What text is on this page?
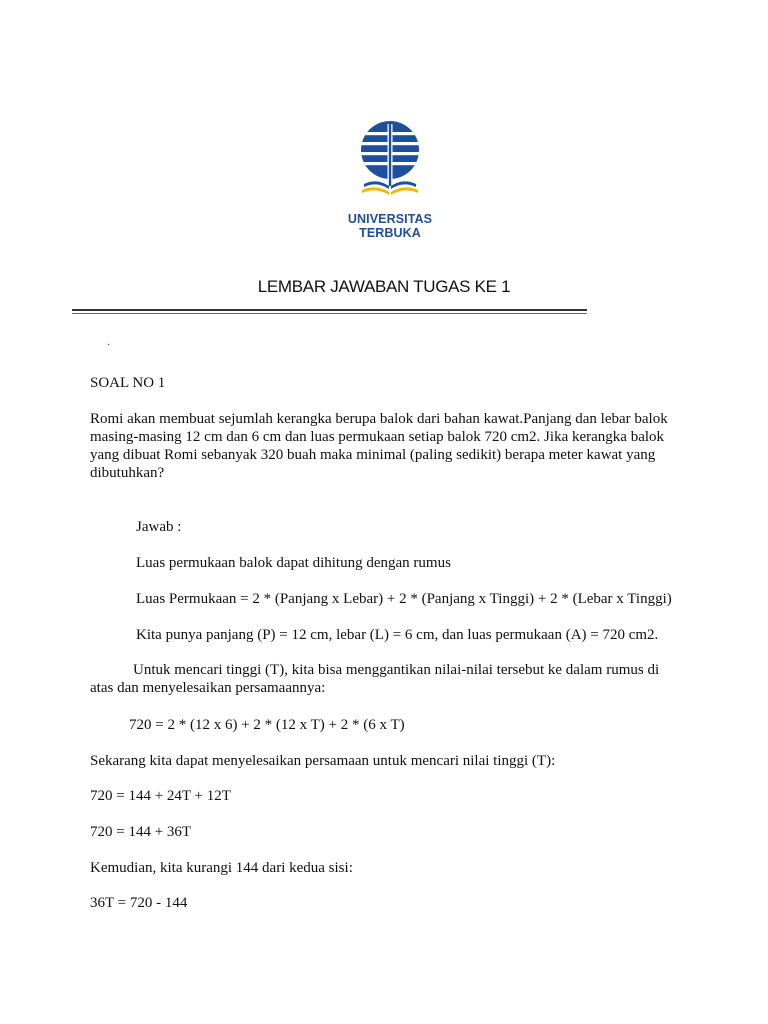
UNIVERSITAS TERBUKA
LEMBAR JAWABAN TUGAS KE 1
.
SOAL NO 1
Romi akan membuat sejumlah kerangka berupa balok dari bahan kawat.Panjang dan lebar balok
masing-masing 12 cm dan 6 cm dan luas permukaan setiap balok 720 cm2. Jika kerangka balok
yang dibuat Romi sebanyak 320 buah maka minimal (paling sedikit) berapa meter kawat yang
dibutuhkan?
Jawab :
Luas permukaan balok dapat dihitung dengan rumus
Luas Permukaan = 2 * (Panjang x Lebar) + 2 * (Panjang x Tinggi) + 2 * (Lebar x Tinggi)
Kita punya panjang (P) = 12 cm, lebar (L) = 6 cm, dan luas permukaan (A) = 720 cm2.
Untuk mencari tinggi (T), kita bisa menggantikan nilai-nilai tersebut ke dalam rumus di
atas dan menyelesaikan persamaannya:
720 = 2 * (12 x 6) + 2 * (12 x T) + 2 * (6 x T)
Sekarang kita dapat menyelesaikan persamaan untuk mencari nilai tinggi (T):
720 = 144 + 24T + 12T
720 = 144 + 36T
Kemudian, kita kurangi 144 dari kedua sisi:
36T = 720 - 144
